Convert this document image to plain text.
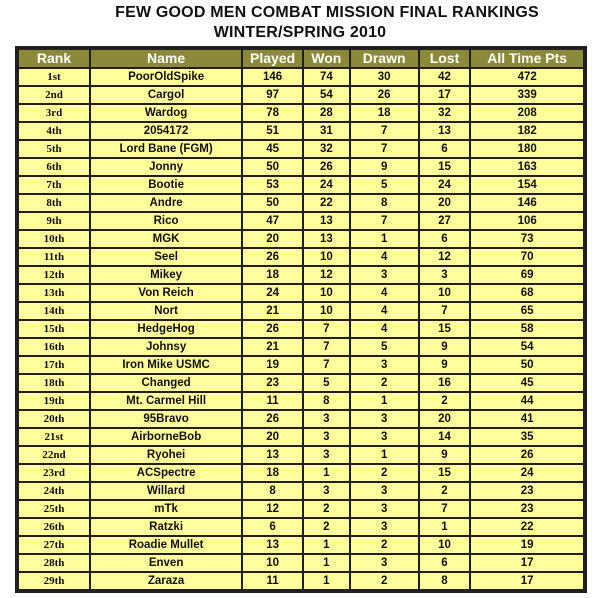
FEW GOOD MEN COMBAT MISSION FINAL RANKINGS
WINTER/SPRING 2010
Rank	Name	Played	Won	Drawn	Lost	All Time Pts
1st	PoorOldSpike	146	74	30	42	472
2nd	Cargol	97	54	26	17	339
3rd	Wardog	78	28	18	32	208
4th	2054172	51	31	7	13	182
5th	Lord Bane (FGM)	45	32	7	6	180
6th	Jonny	50	26	9	15	163
7th	Bootie	53	24	5	24	154
8th	Andre	50	22	8	20	146
9th	Rico	47	13	7	27	106
10th	MGK	20	13	1	6	73
11th	Seel	26	10	4	12	70
12th	Mikey	18	12	3	3	69
13th	Von Reich	24	10	4	10	68
14th	Nort	21	10	4	7	65
15th	HedgeHog	26	7	4	15	58
16th	Johnsy	21	7	5	9	54
17th	Iron Mike USMC	19	7	3	9	50
18th	Changed	23	5	2	16	45
19th	Mt. Carmel Hill	11	8	1	2	44
20th	95Bravo	26	3	3	20	41
21st	AirborneBob	20	3	3	14	35
22nd	Ryohei	13	3	1	9	26
23rd	ACSpectre	18	1	2	15	24
24th	Willard	8	3	3	2	23
25th	mTk	12	2	3	7	23
26th	Ratzki	6	2	3	1	22
27th	Roadie Mullet	13	1	2	10	19
28th	Enven	10	1	3	6	17
29th	Zaraza	11	1	2	8	17
